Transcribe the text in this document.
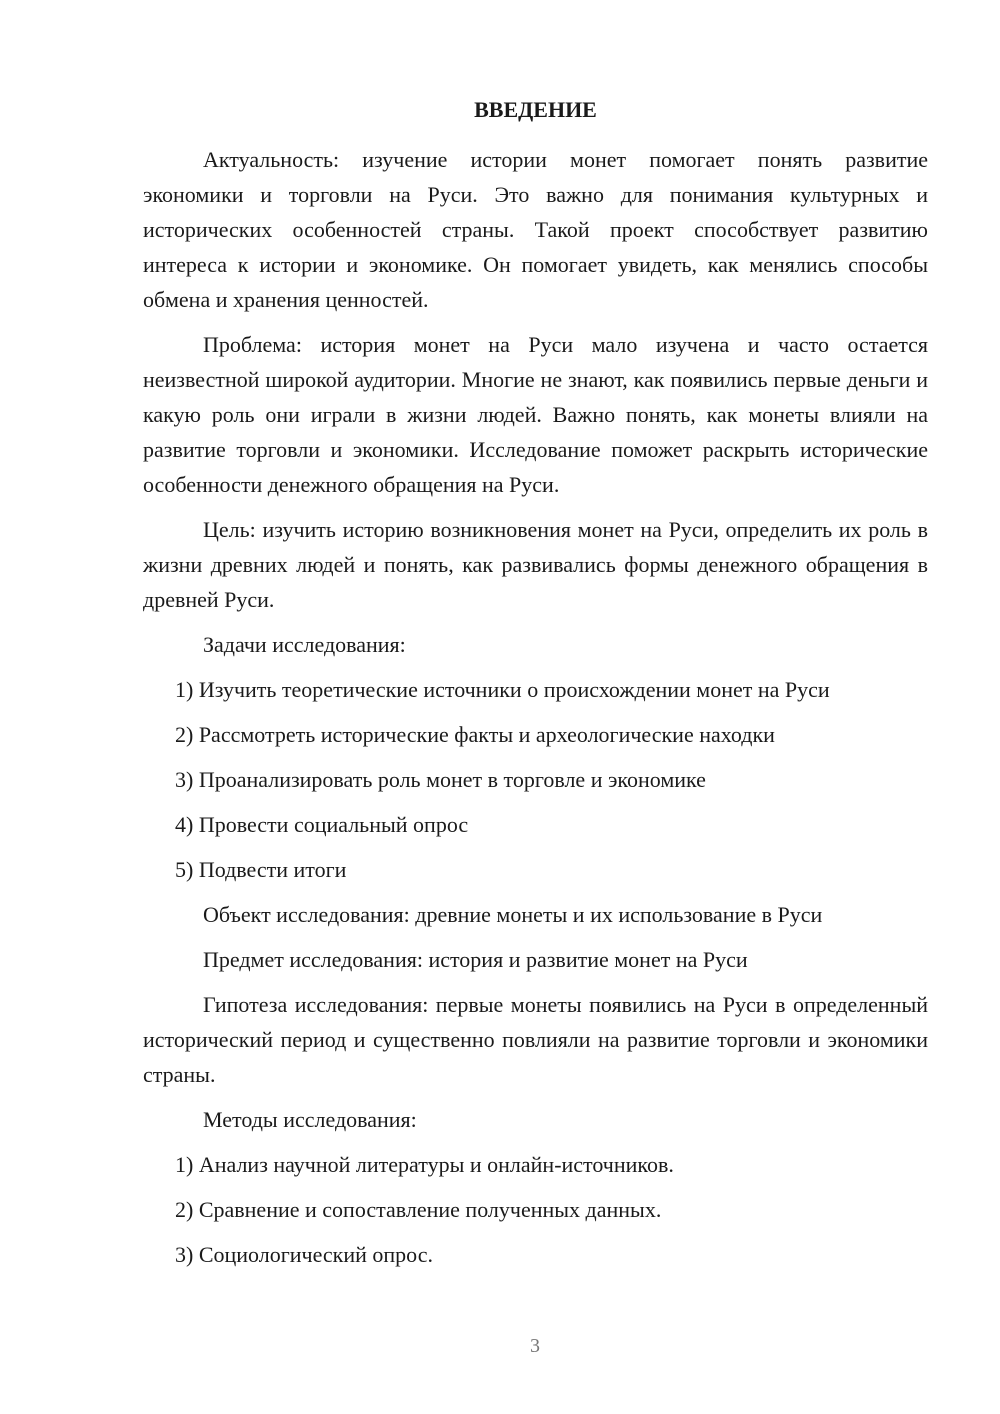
ВВЕДЕНИЕ

Актуальность: изучение истории монет помогает понять развитие экономики и торговли на Руси. Это важно для понимания культурных и исторических особенностей страны. Такой проект способствует развитию интереса к истории и экономике. Он помогает увидеть, как менялись способы обмена и хранения ценностей.

Проблема: история монет на Руси мало изучена и часто остается неизвестной широкой аудитории. Многие не знают, как появились первые деньги и какую роль они играли в жизни людей. Важно понять, как монеты влияли на развитие торговли и экономики. Исследование поможет раскрыть исторические особенности денежного обращения на Руси.

Цель: изучить историю возникновения монет на Руси, определить их роль в жизни древних людей и понять, как развивались формы денежного обращения в древней Руси.

Задачи исследования:

1) Изучить теоретические источники о происхождении монет на Руси

2) Рассмотреть исторические факты и археологические находки

3) Проанализировать роль монет в торговле и экономике

4) Провести социальный опрос

5) Подвести итоги

Объект исследования: древние монеты и их использование в Руси

Предмет исследования: история и развитие монет на Руси

Гипотеза исследования: первые монеты появились на Руси в определенный исторический период и существенно повлияли на развитие торговли и экономики страны.

Методы исследования:

1) Анализ научной литературы и онлайн-источников.

2) Сравнение и сопоставление полученных данных.

3) Социологический опрос.

3
